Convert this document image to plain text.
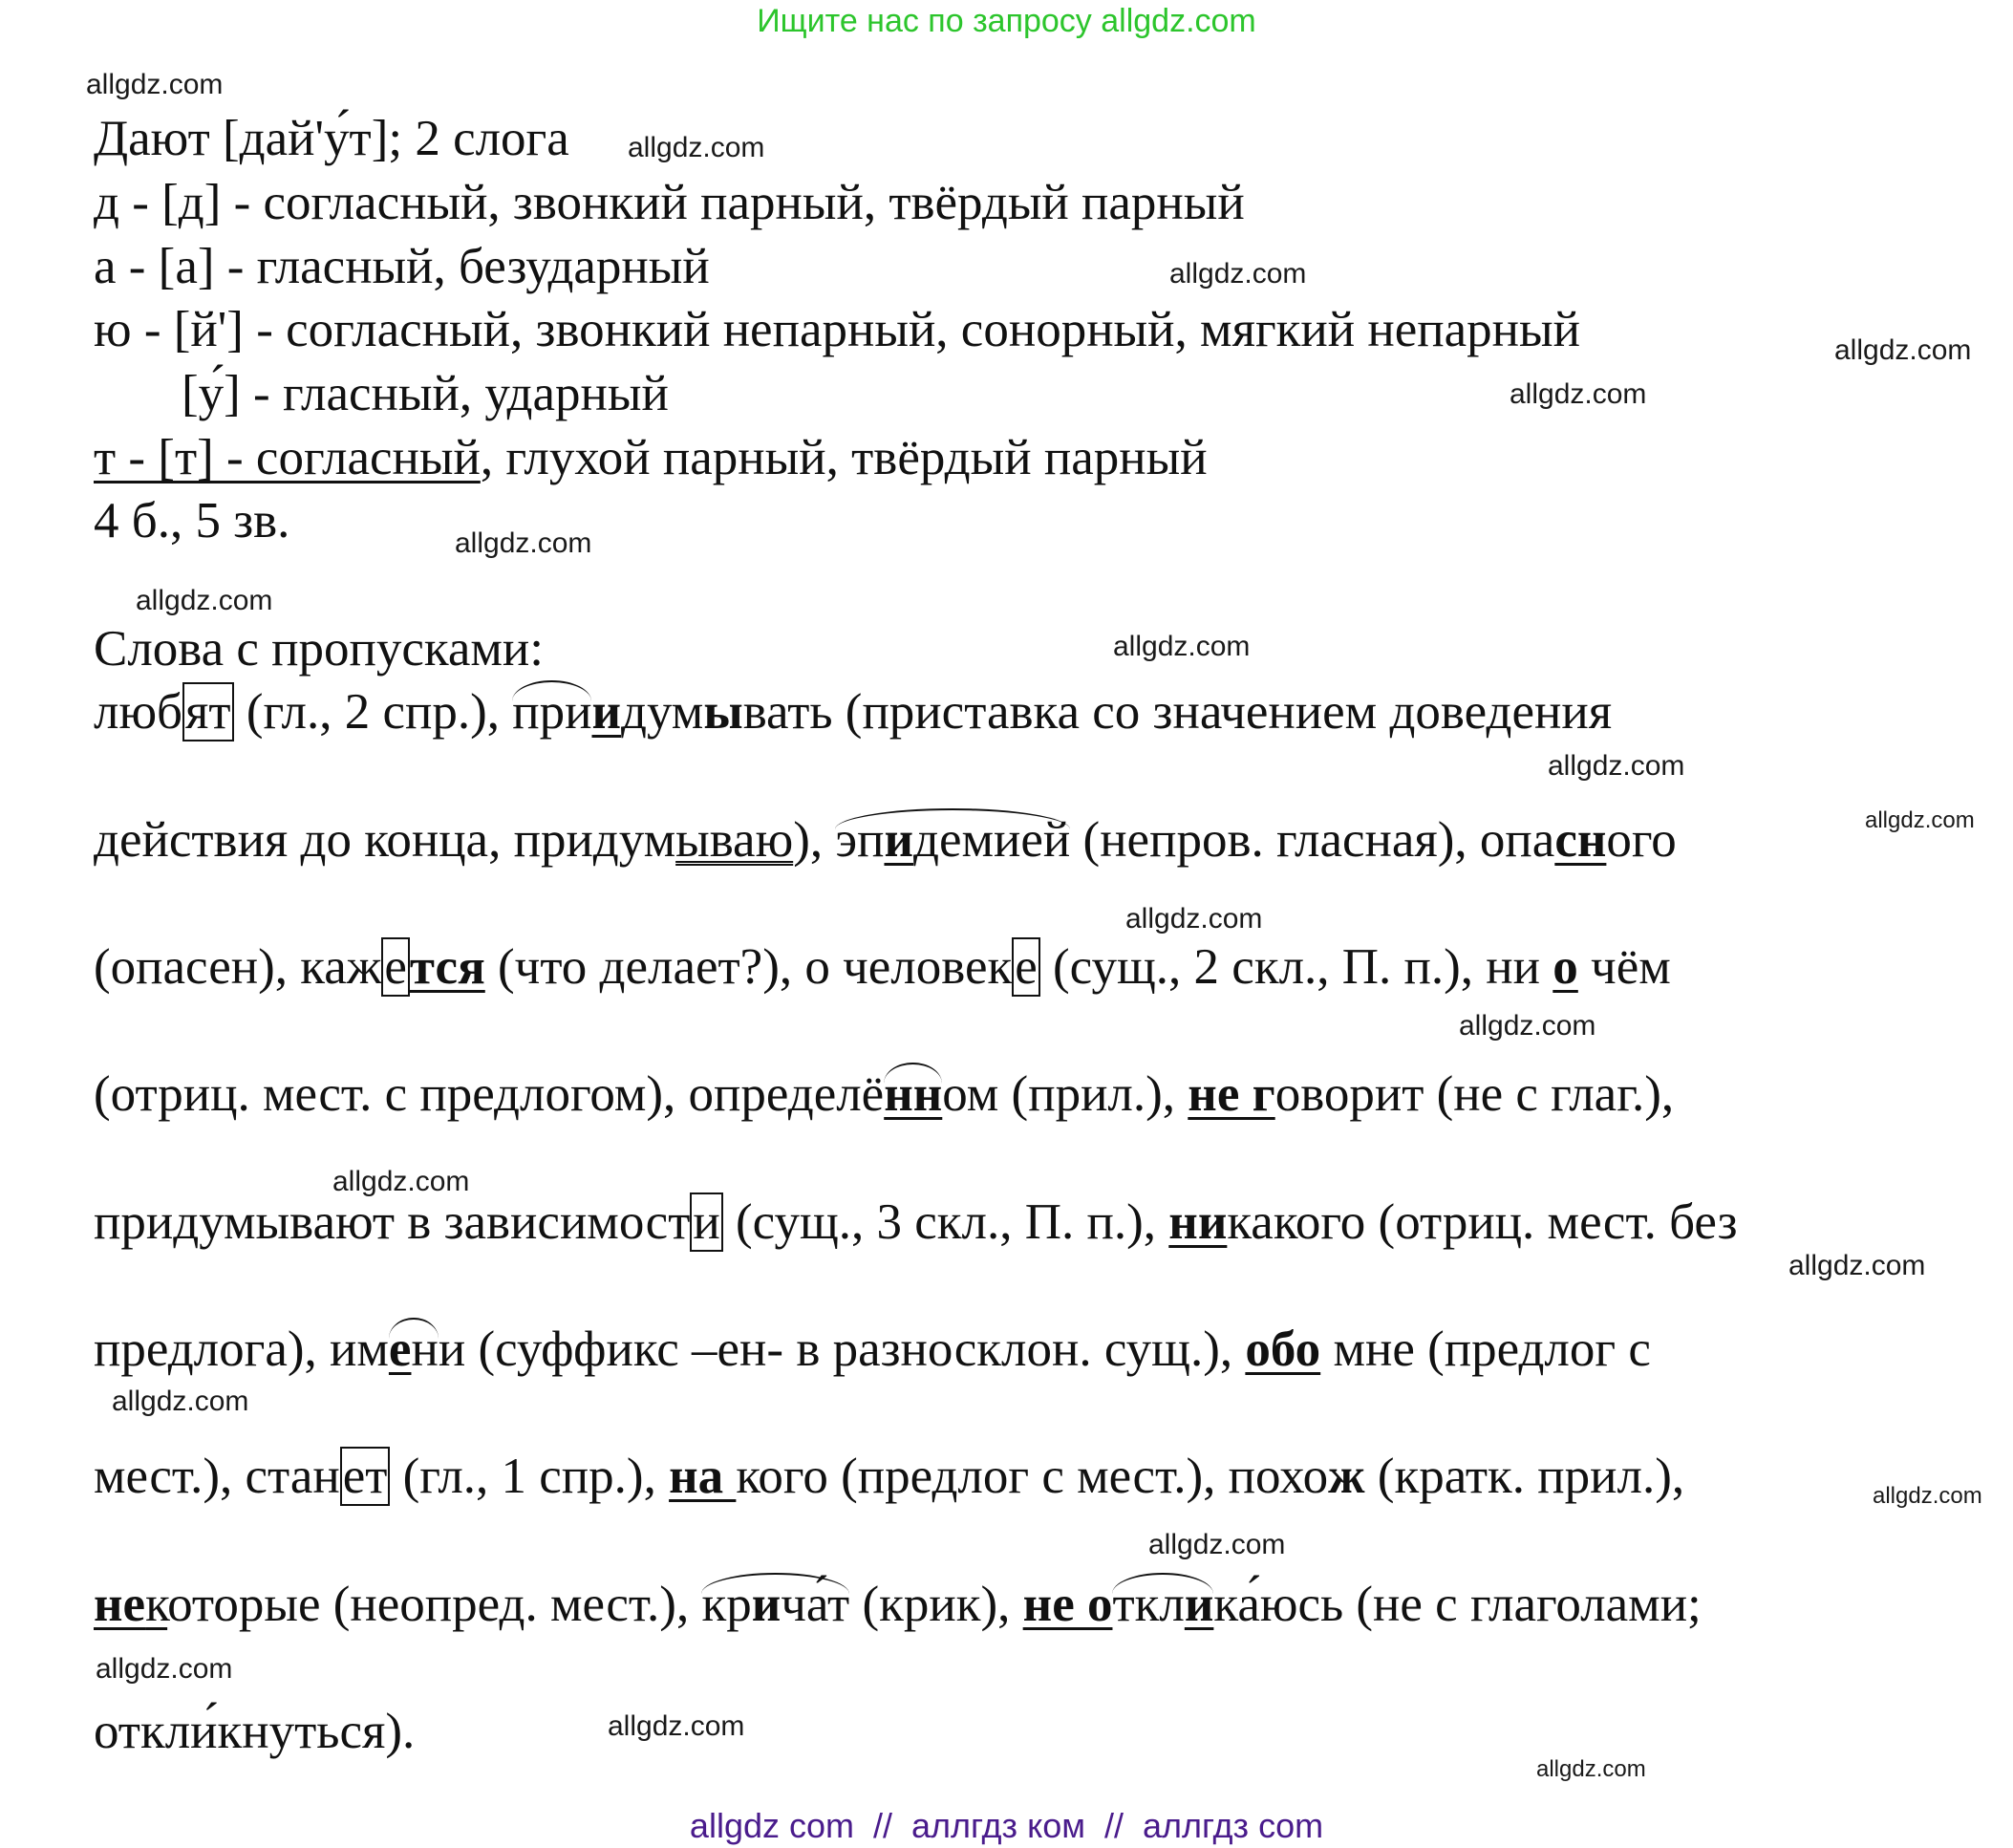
Ищите нас по запросу allgdz.com
allgdz.com
allgdz.com
allgdz.com
allgdz.com
allgdz.com
allgdz.com
allgdz.com
allgdz.com
allgdz.com
allgdz.com
allgdz.com
allgdz.com
allgdz.com
allgdz.com
allgdz.com
allgdz.com
allgdz.com
allgdz.com
allgdz.com
allgdz.com
Дают [дай'у́т]; 2 слога
д - [д] - согласный, звонкий парный, твёрдый парный
а - [а] - гласный, безударный
ю - [й'] - согласный, звонкий непарный, сонорный, мягкий непарный
[у́] - гласный, ударный
т - [т] - согласный, глухой парный, твёрдый парный
4 б., 5 зв.
Слова с пропусками:
любят (гл., 2 спр.), приидумывать (приставка со значением доведения
действия до конца, придумываю), эпидемией (непров. гласная), опасного
(опасен), кажется (что делает?), о человеке (сущ., 2 скл., П. п.), ни о чём
(отриц. мест. с предлогом), определённом (прил.), не говорит (не с глаг.),
придумывают в зависимости (сущ., 3 скл., П. п.), никакого (отриц. мест. без
предлога), имени (суффикс –ен- в разносклон. сущ.), обо мне (предлог с
мест.), станет (гл., 1 спр.), на кого (предлог с мест.), похож (кратк. прил.),
некоторые (неопред. мест.), крича́т (крик), не отклика́юсь (не с глаголами;
откли́кнуться).
allgdz com  //  аллгдз ком  //  аллгдз com
